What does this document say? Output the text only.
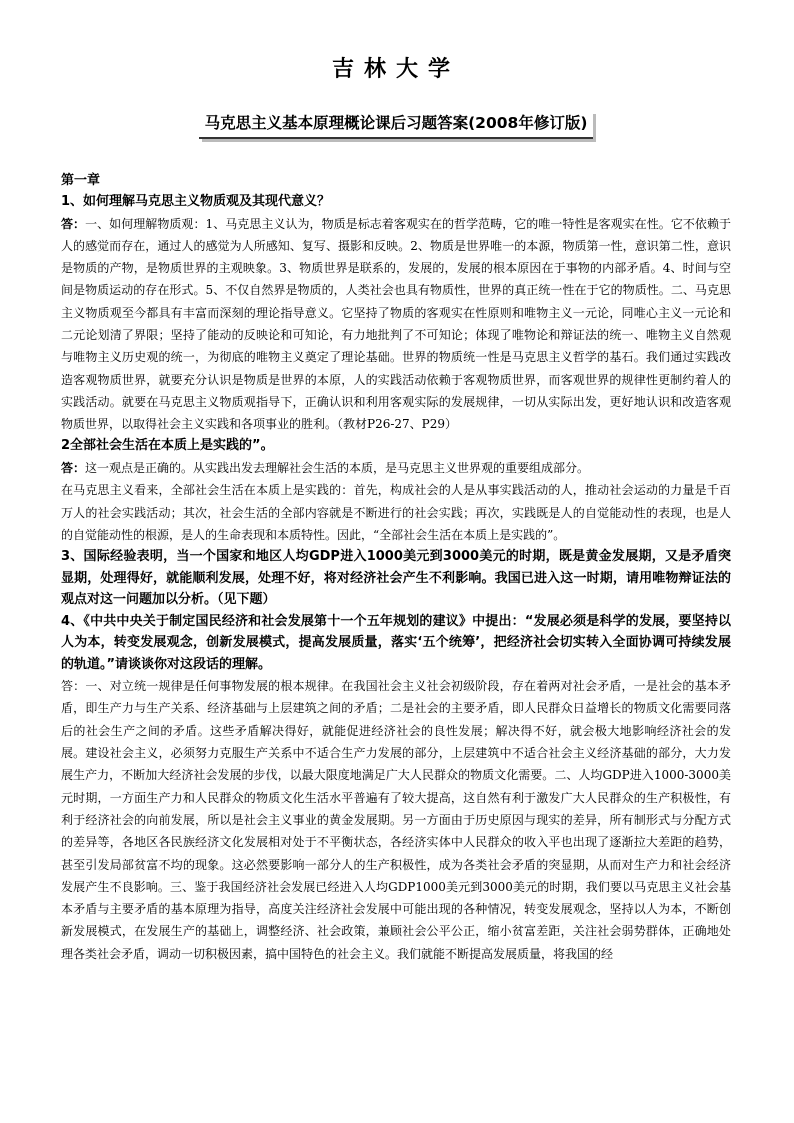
吉林大学
马克思主义基本原理概论课后习题答案(2008年修订版)
第一章
1、如何理解马克思主义物质观及其现代意义？
答：一、如何理解物质观：1、马克思主义认为，物质是标志着客观实在的哲学范畴，它的唯一特性是客观实在性。它不依赖于人的感觉而存在，通过人的感觉为人所感知、复写、摄影和反映。2、物质是世界唯一的本源，物质第一性，意识第二性，意识是物质的产物，是物质世界的主观映象。3、物质世界是联系的，发展的，发展的根本原因在于事物的内部矛盾。4、时间与空间是物质运动的存在形式。5、不仅自然界是物质的，人类社会也具有物质性，世界的真正统一性在于它的物质性。二、马克思主义物质观至今都具有丰富而深刻的理论指导意义。它坚持了物质的客观实在性原则和唯物主义一元论，同唯心主义一元论和二元论划清了界限；坚持了能动的反映论和可知论，有力地批判了不可知论；体现了唯物论和辩证法的统一、唯物主义自然观与唯物主义历史观的统一，为彻底的唯物主义奠定了理论基础。世界的物质统一性是马克思主义哲学的基石。我们通过实践改造客观物质世界，就要充分认识是物质是世界的本原，人的实践活动依赖于客观物质世界，而客观世界的规律性更制约着人的实践活动。就要在马克思主义物质观指导下，正确认识和利用客观实际的发展规律，一切从实际出发，更好地认识和改造客观物质世界，以取得社会主义实践和各项事业的胜利。（教材P26-27、P29）
2全部社会生活在本质上是实践的”。
答：这一观点是正确的。从实践出发去理解社会生活的本质，是马克思主义世界观的重要组成部分。
在马克思主义看来，全部社会生活在本质上是实践的：首先，构成社会的人是从事实践活动的人，推动社会运动的力量是千百万人的社会实践活动；其次，社会生活的全部内容就是不断进行的社会实践；再次，实践既是人的自觉能动性的表现，也是人的自觉能动性的根源，是人的生命表现和本质特性。因此，“全部社会生活在本质上是实践的”。
3、国际经验表明，当一个国家和地区人均GDP进入1000美元到3000美元的时期，既是黄金发展期，又是矛盾突显期，处理得好，就能顺利发展，处理不好，将对经济社会产生不利影响。我国已进入这一时期，请用唯物辩证法的观点对这一问题加以分析。（见下题）
4、《中共中央关于制定国民经济和社会发展第十一个五年规划的建议》中提出：“发展必须是科学的发展，要坚持以人为本，转变发展观念，创新发展模式，提高发展质量，落实‘五个统筹’，把经济社会切实转入全面协调可持续发展的轨道。”请谈谈你对这段话的理解。
答：一、对立统一规律是任何事物发展的根本规律。在我国社会主义社会初级阶段，存在着两对社会矛盾，一是社会的基本矛盾，即生产力与生产关系、经济基础与上层建筑之间的矛盾；二是社会的主要矛盾，即人民群众日益增长的物质文化需要同落后的社会生产之间的矛盾。这些矛盾解决得好，就能促进经济社会的良性发展；解决得不好，就会极大地影响经济社会的发展。建设社会主义，必须努力克服生产关系中不适合生产力发展的部分，上层建筑中不适合社会主义经济基础的部分，大力发展生产力，不断加大经济社会发展的步伐，以最大限度地满足广大人民群众的物质文化需要。二、人均GDP进入1000-3000美元时期，一方面生产力和人民群众的物质文化生活水平普遍有了较大提高，这自然有利于激发广大人民群众的生产积极性，有利于经济社会的向前发展，所以是社会主义事业的黄金发展期。另一方面由于历史原因与现实的差异，所有制形式与分配方式的差异等，各地区各民族经济文化发展相对处于不平衡状态，各经济实体中人民群众的收入平也出现了逐渐拉大差距的趋势，甚至引发局部贫富不均的现象。这必然要影响一部分人的生产积极性，成为各类社会矛盾的突显期，从而对生产力和社会经济发展产生不良影响。三、鉴于我国经济社会发展已经进入人均GDP1000美元到3000美元的时期，我们要以马克思主义社会基本矛盾与主要矛盾的基本原理为指导，高度关注经济社会发展中可能出现的各种情况，转变发展观念，坚持以人为本，不断创新发展模式，在发展生产的基础上，调整经济、社会政策，兼顾社会公平公正，缩小贫富差距，关注社会弱势群体，正确地处理各类社会矛盾，调动一切积极因素，搞中国特色的社会主义。我们就能不断提高发展质量，将我国的经
